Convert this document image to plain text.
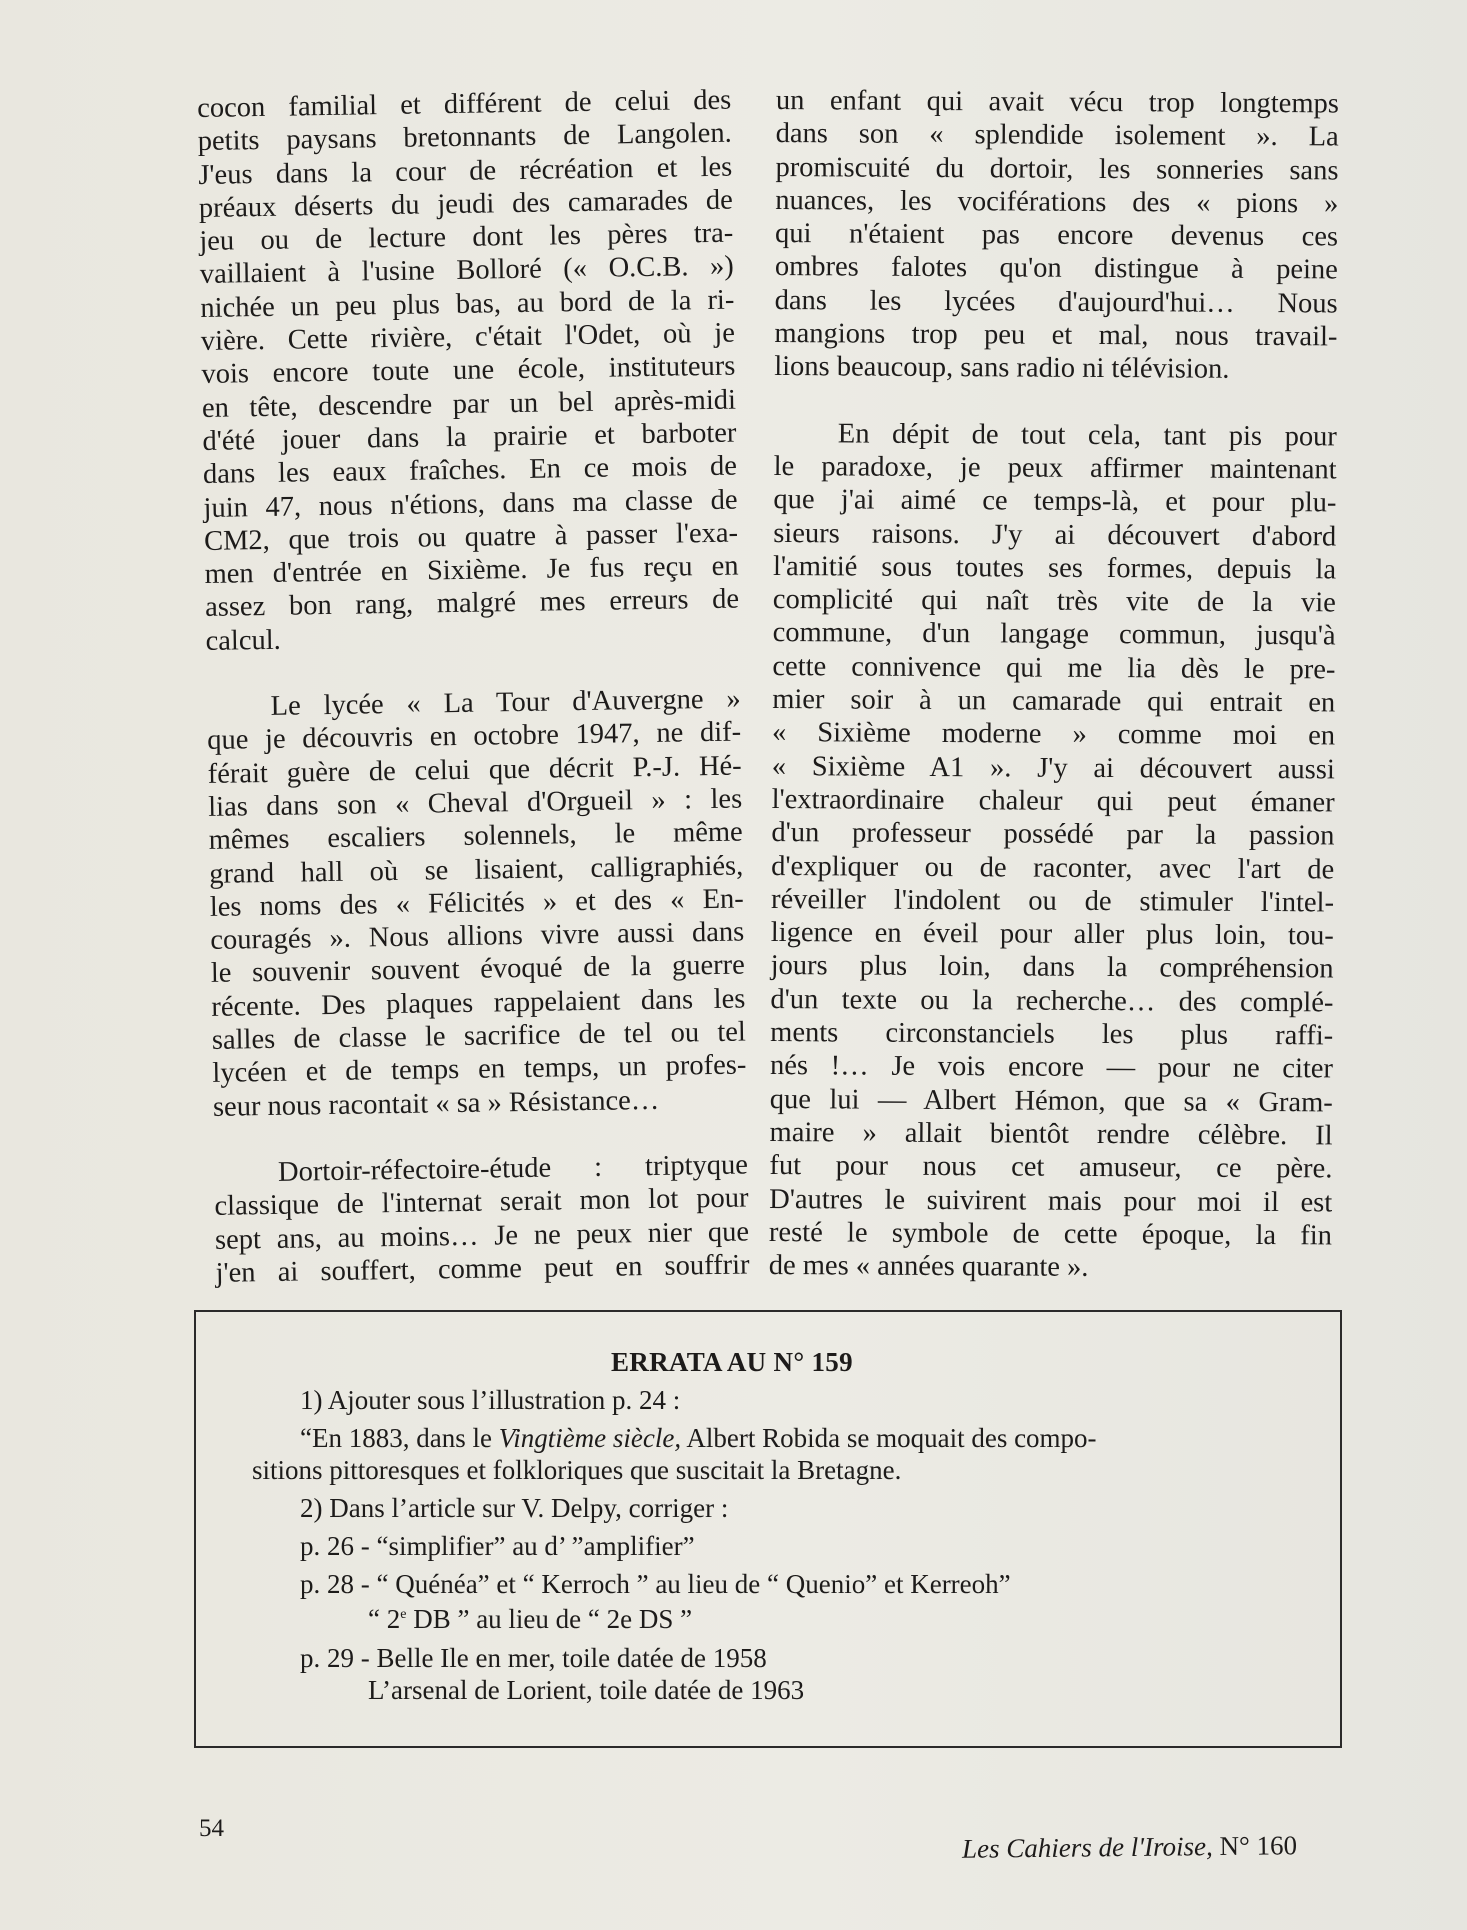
cocon familial et différent de celui des
petits paysans bretonnants de Langolen.
J'eus dans la cour de récréation et les
préaux déserts du jeudi des camarades de
jeu ou de lecture dont les pères tra-
vaillaient à l'usine Bolloré (« O.C.B. »)
nichée un peu plus bas, au bord de la ri-
vière. Cette rivière, c'était l'Odet, où je
vois encore toute une école, instituteurs
en tête, descendre par un bel après-midi
d'été jouer dans la prairie et barboter
dans les eaux fraîches. En ce mois de
juin 47, nous n'étions, dans ma classe de
CM2, que trois ou quatre à passer l'exa-
men d'entrée en Sixième. Je fus reçu en
assez bon rang, malgré mes erreurs de
calcul.
Le lycée « La Tour d'Auvergne »
que je découvris en octobre 1947, ne dif-
férait guère de celui que décrit P.-J. Hé-
lias dans son « Cheval d'Orgueil » : les
mêmes escaliers solennels, le même
grand hall où se lisaient, calligraphiés,
les noms des « Félicités » et des « En-
couragés ». Nous allions vivre aussi dans
le souvenir souvent évoqué de la guerre
récente. Des plaques rappelaient dans les
salles de classe le sacrifice de tel ou tel
lycéen et de temps en temps, un profes-
seur nous racontait « sa » Résistance…
Dortoir-réfectoire-étude : triptyque
classique de l'internat serait mon lot pour
sept ans, au moins… Je ne peux nier que
j'en ai souffert, comme peut en souffrir
un enfant qui avait vécu trop longtemps
dans son « splendide isolement ». La
promiscuité du dortoir, les sonneries sans
nuances, les vociférations des « pions »
qui n'étaient pas encore devenus ces
ombres falotes qu'on distingue à peine
dans les lycées d'aujourd'hui… Nous
mangions trop peu et mal, nous travail-
lions beaucoup, sans radio ni télévision.
En dépit de tout cela, tant pis pour
le paradoxe, je peux affirmer maintenant
que j'ai aimé ce temps-là, et pour plu-
sieurs raisons. J'y ai découvert d'abord
l'amitié sous toutes ses formes, depuis la
complicité qui naît très vite de la vie
commune, d'un langage commun, jusqu'à
cette connivence qui me lia dès le pre-
mier soir à un camarade qui entrait en
« Sixième moderne » comme moi en
« Sixième A1 ». J'y ai découvert aussi
l'extraordinaire chaleur qui peut émaner
d'un professeur possédé par la passion
d'expliquer ou de raconter, avec l'art de
réveiller l'indolent ou de stimuler l'intel-
ligence en éveil pour aller plus loin, tou-
jours plus loin, dans la compréhension
d'un texte ou la recherche… des complé-
ments circonstanciels les plus raffi-
nés !… Je vois encore — pour ne citer
que lui — Albert Hémon, que sa « Gram-
maire » allait bientôt rendre célèbre. Il
fut pour nous cet amuseur, ce père.
D'autres le suivirent mais pour moi il est
resté le symbole de cette époque, la fin
de mes « années quarante ».
ERRATA AU N° 159
1) Ajouter sous l’illustration p. 24 :
“En 1883, dans le Vingtième siècle, Albert Robida se moquait des compo-
sitions pittoresques et folkloriques que suscitait la Bretagne.
2) Dans l’article sur V. Delpy, corriger :
p. 26 - “simplifier” au d’ ”amplifier”
p. 28 - “ Quénéa” et “ Kerroch ” au lieu de “ Quenio” et Kerreoh”
“ 2e DB ” au lieu de “ 2e DS ”
p. 29 - Belle Ile en mer, toile datée de 1958
L’arsenal de Lorient, toile datée de 1963
54
Les Cahiers de l'Iroise, N° 160
